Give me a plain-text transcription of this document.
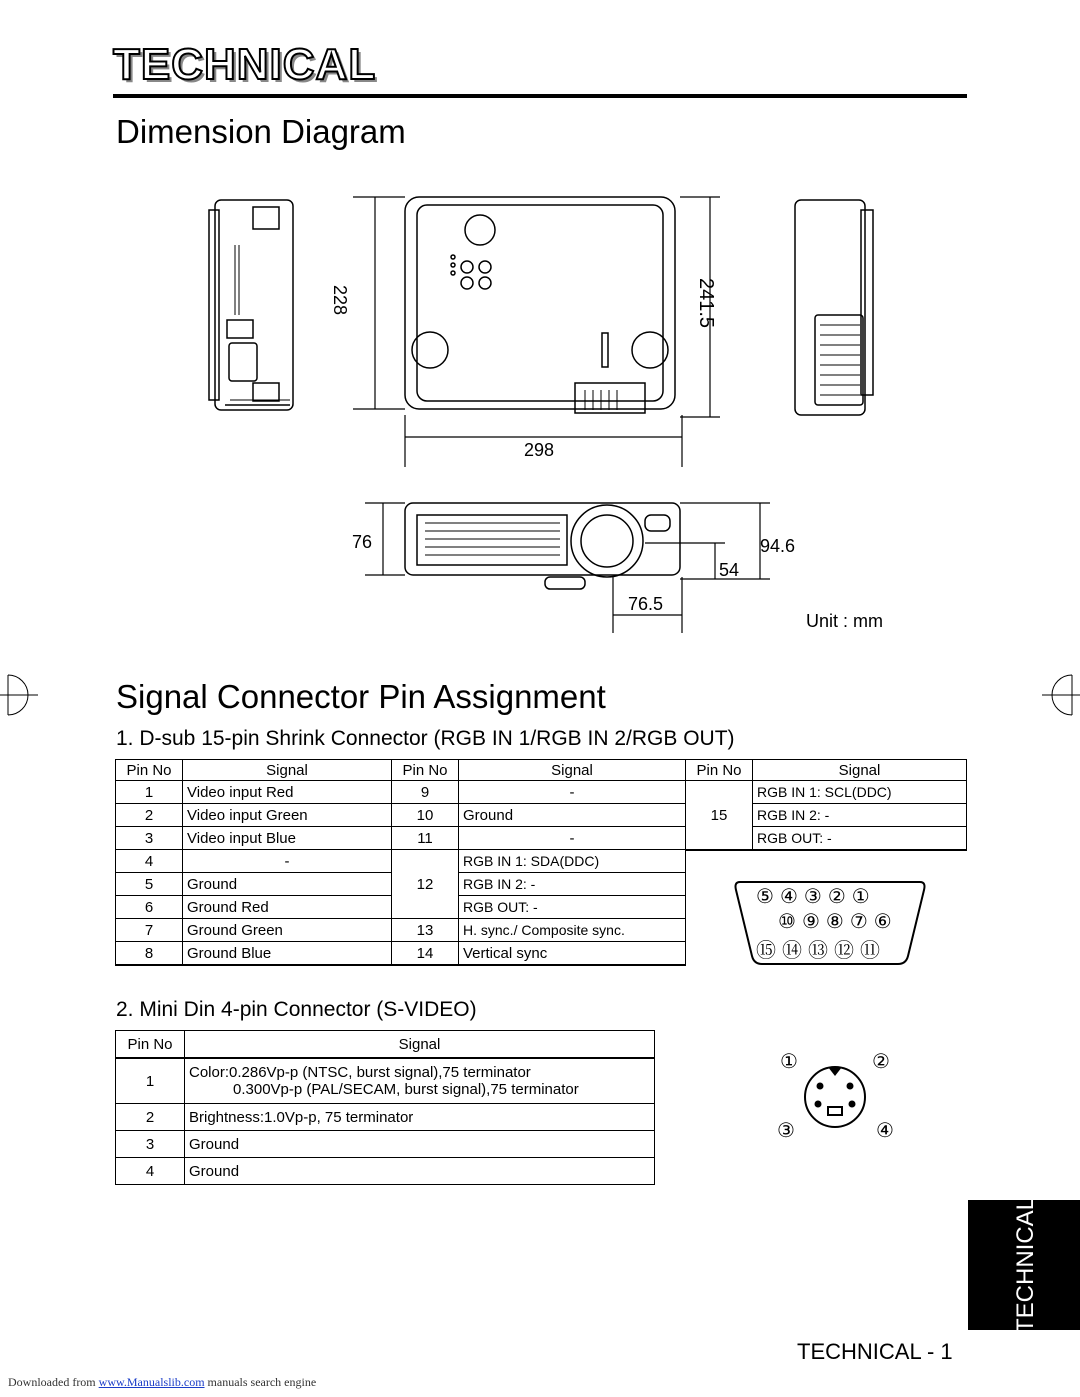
TECHNICAL
Dimension Diagram
228	241.5
298
76	94.6
54
76.5
Unit : mm
Signal Connector Pin Assignment
1. D-sub 15-pin Shrink Connector (RGB IN 1/RGB IN 2/RGB OUT)
Pin No	Signal	Pin No	Signal
1	Video input Red	9	-
2	Video input Green	10	Ground
3	Video input Blue	11	-
4	-	12	RGB IN 1: SDA(DDC)
5	Ground		RGB IN 2: -
6	Ground Red		RGB OUT: -
7	Ground Green	13	H. sync./ Composite sync.
8	Ground Blue	14	Vertical sync
Pin No	Signal
15	RGB IN 1: SCL(DDC)
	RGB IN 2: -
	RGB OUT: -
⑤④③②①
⑩⑨⑧⑦⑥
⑮⑭⑬⑫⑪
2. Mini Din 4-pin Connector (S-VIDEO)
Pin No	Signal
1	Color:0.286Vp-p (NTSC, burst signal),75 terminator
0.300Vp-p (PAL/SECAM, burst signal),75 terminator

2	Brightness:1.0Vp-p, 75 terminator
3	Ground
4	Ground
①	②
③	④
TECHNICAL
TECHNICAL - 1
Downloaded from www.Manualslib.com manuals search engine
